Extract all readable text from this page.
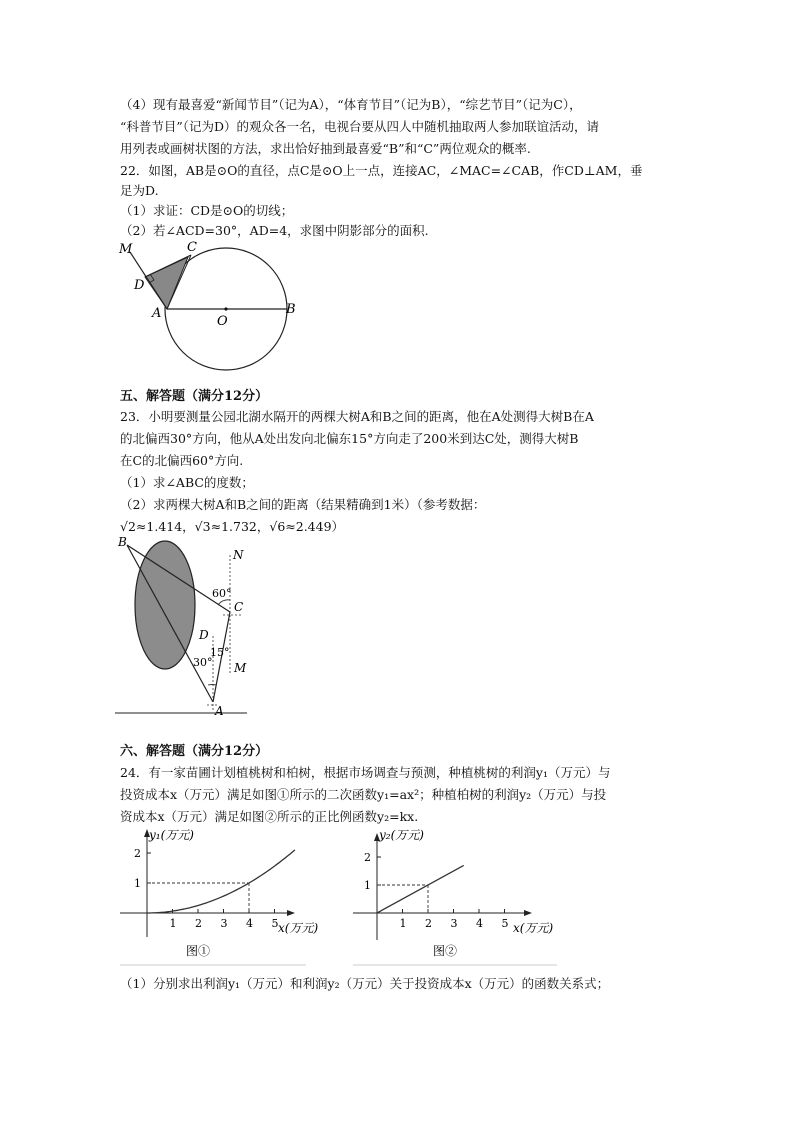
（4）现有最喜爱“新闻节目”（记为A），“体育节目”（记为B），“综艺节目”（记为C），
“科普节目”（记为D）的观众各一名，电视台要从四人中随机抽取两人参加联谊活动，请
用列表或画树状图的方法，求出恰好抽到最喜爱“B”和“C”两位观众的概率.
22．如图，AB是⊙O的直径，点C是⊙O上一点，连接AC，∠MAC=∠CAB，作CD⊥AM，垂
足为D.
（1）求证：CD是⊙O的切线；
（2）若∠ACD=30°，AD=4，求图中阴影部分的面积.
M	C
D
A
O
B
五、解答题（满分12分）
23．小明要测量公园北湖水隔开的两棵大树A和B之间的距离，他在A处测得大树B在A
的北偏西30°方向，他从A处出发向北偏东15°方向走了200米到达C处，测得大树B
在C的北偏西60°方向.
（1）求∠ABC的度数；
（2）求两棵大树A和B之间的距离（结果精确到1米）（参考数据：
√2≈1.414，√3≈1.732，√6≈2.449）
B
N
60°
C
D
15°
30° M
A
六、解答题（满分12分）
24．有一家苗圃计划植桃树和柏树，根据市场调查与预测，种植桃树的利润y₁（万元）与
投资成本x（万元）满足如图①所示的二次函数y₁=ax²；种植柏树的利润y₂（万元）与投
资成本x（万元）满足如图②所示的正比例函数y₂=kx.
y₁(万元)
x(万元)
1 2 3 4 5
1
2
图①
y₂(万元)
x(万元)
1 2 3 4 5
1
2
图②
（1）分别求出利润y₁（万元）和利润y₂（万元）关于投资成本x（万元）的函数关系式；
